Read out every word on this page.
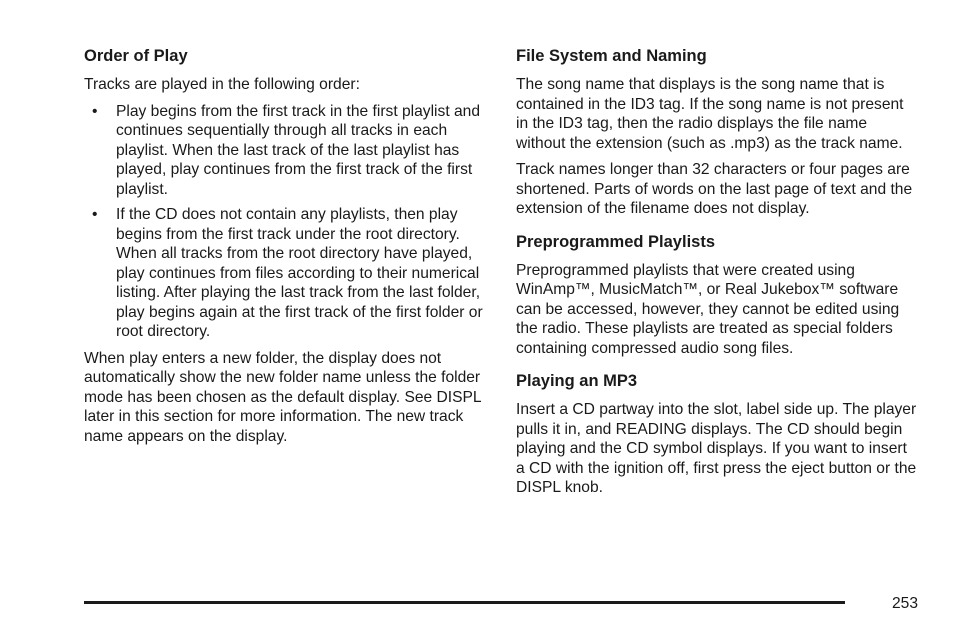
Order of Play

Tracks are played in the following order:

• Play begins from the first track in the first playlist and continues sequentially through all tracks in each playlist. When the last track of the last playlist has played, play continues from the first track of the first playlist.
• If the CD does not contain any playlists, then play begins from the first track under the root directory. When all tracks from the root directory have played, play continues from files according to their numerical listing. After playing the last track from the last folder, play begins again at the first track of the first folder or root directory.

When play enters a new folder, the display does not automatically show the new folder name unless the folder mode has been chosen as the default display. See DISPL later in this section for more information. The new track name appears on the display.

File System and Naming

The song name that displays is the song name that is contained in the ID3 tag. If the song name is not present in the ID3 tag, then the radio displays the file name without the extension (such as .mp3) as the track name.

Track names longer than 32 characters or four pages are shortened. Parts of words on the last page of text and the extension of the filename does not display.

Preprogrammed Playlists

Preprogrammed playlists that were created using WinAmp™, MusicMatch™, or Real Jukebox™ software can be accessed, however, they cannot be edited using the radio. These playlists are treated as special folders containing compressed audio song files.

Playing an MP3

Insert a CD partway into the slot, label side up. The player pulls it in, and READING displays. The CD should begin playing and the CD symbol displays. If you want to insert a CD with the ignition off, first press the eject button or the DISPL knob.

253
